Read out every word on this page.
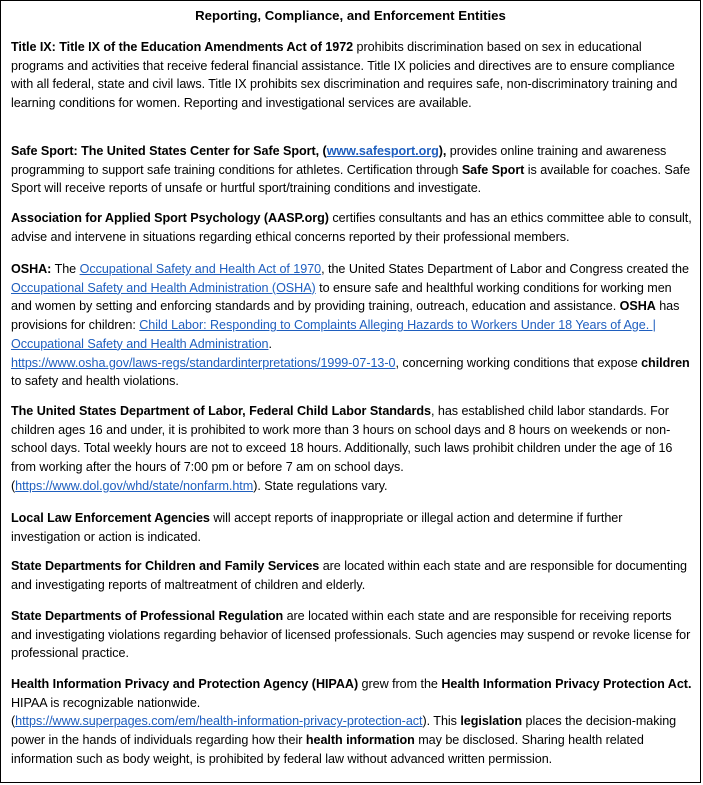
Reporting, Compliance, and Enforcement Entities
Title IX: Title IX of the Education Amendments Act of 1972 prohibits discrimination based on sex in educational programs and activities that receive federal financial assistance. Title IX policies and directives are to ensure compliance with all federal, state and civil laws. Title IX prohibits sex discrimination and requires safe, non-discriminatory training and learning conditions for women. Reporting and investigational services are available.
Safe Sport: The United States Center for Safe Sport, (www.safesport.org), provides online training and awareness programming to support safe training conditions for athletes. Certification through Safe Sport is available for coaches. Safe Sport will receive reports of unsafe or hurtful sport/training conditions and investigate.
Association for Applied Sport Psychology (AASP.org) certifies consultants and has an ethics committee able to consult, advise and intervene in situations regarding ethical concerns reported by their professional members.
OSHA: The Occupational Safety and Health Act of 1970, the United States Department of Labor and Congress created the Occupational Safety and Health Administration (OSHA) to ensure safe and healthful working conditions for working men and women by setting and enforcing standards and by providing training, outreach, education and assistance. OSHA has provisions for children: Child Labor: Responding to Complaints Alleging Hazards to Workers Under 18 Years of Age. | Occupational Safety and Health Administration.
https://www.osha.gov/laws-regs/standardinterpretations/1999-07-13-0, concerning working conditions that expose children to safety and health violations.
The United States Department of Labor, Federal Child Labor Standards, has established child labor standards. For children ages 16 and under, it is prohibited to work more than 3 hours on school days and 8 hours on weekends or non-school days. Total weekly hours are not to exceed 18 hours. Additionally, such laws prohibit children under the age of 16 from working after the hours of 7:00 pm or before 7 am on school days.
(https://www.dol.gov/whd/state/nonfarm.htm). State regulations vary.
Local Law Enforcement Agencies will accept reports of inappropriate or illegal action and determine if further investigation or action is indicated.
State Departments for Children and Family Services are located within each state and are responsible for documenting and investigating reports of maltreatment of children and elderly.
State Departments of Professional Regulation are located within each state and are responsible for receiving reports and investigating violations regarding behavior of licensed professionals. Such agencies may suspend or revoke license for professional practice.
Health Information Privacy and Protection Agency (HIPAA) grew from the Health Information Privacy Protection Act. HIPAA is recognizable nationwide.
(https://www.superpages.com/em/health-information-privacy-protection-act). This legislation places the decision-making power in the hands of individuals regarding how their health information may be disclosed. Sharing health related information such as body weight, is prohibited by federal law without advanced written permission.
